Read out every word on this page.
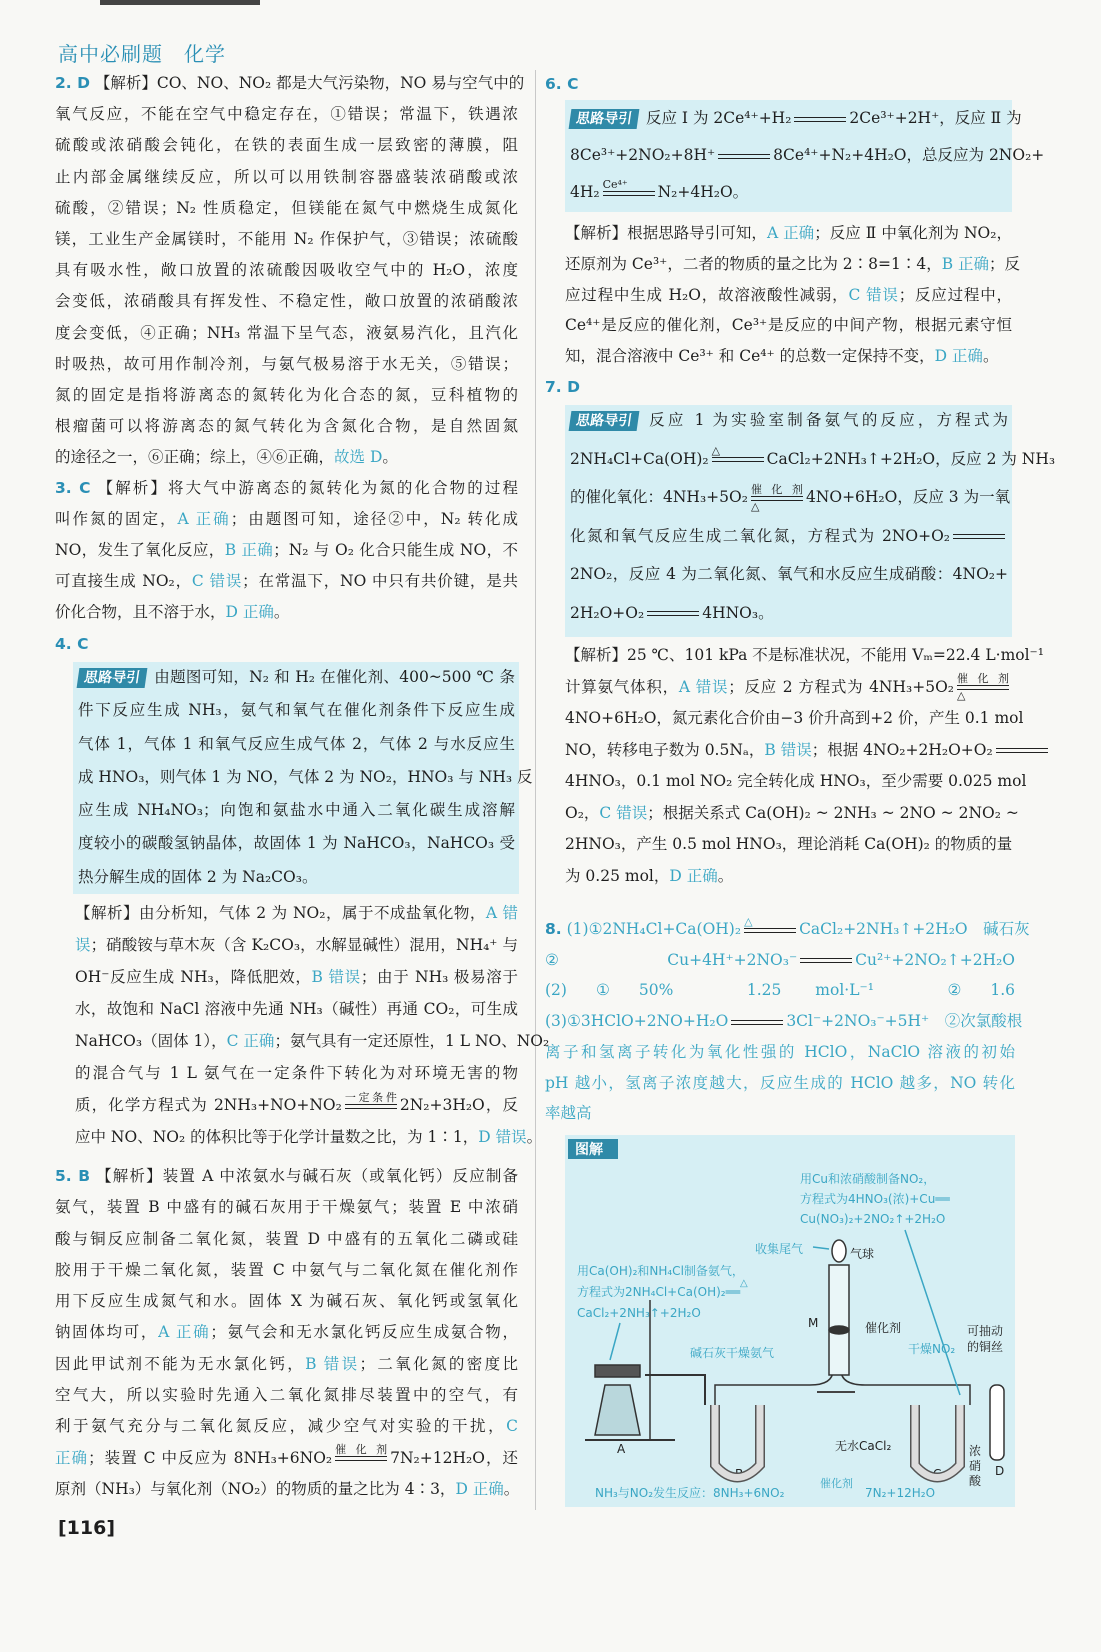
高中必刷题　化学
2. D 【解析】CO、NO、NO₂ 都是大气污染物，NO 易与空气中的
氧气反应，不能在空气中稳定存在，①错误；常温下，铁遇浓
硫酸或浓硝酸会钝化，在铁的表面生成一层致密的薄膜，阻
止内部金属继续反应，所以可以用铁制容器盛装浓硝酸或浓
硫酸，②错误；N₂ 性质稳定，但镁能在氮气中燃烧生成氮化
镁，工业生产金属镁时，不能用 N₂ 作保护气，③错误；浓硫酸
具有吸水性，敞口放置的浓硫酸因吸收空气中的 H₂O，浓度
会变低，浓硝酸具有挥发性、不稳定性，敞口放置的浓硝酸浓
度会变低，④正确；NH₃ 常温下呈气态，液氨易汽化，且汽化
时吸热，故可用作制冷剂，与氨气极易溶于水无关，⑤错误；
氮的固定是指将游离态的氮转化为化合态的氮，豆科植物的
根瘤菌可以将游离态的氮气转化为含氮化合物，是自然固氮
的途径之一，⑥正确；综上，④⑥正确，故选 D。
3. C 【解析】将大气中游离态的氮转化为氮的化合物的过程
叫作氮的固定，A 正确；由题图可知，途径②中，N₂ 转化成
NO，发生了氧化反应，B 正确；N₂ 与 O₂ 化合只能生成 NO，不
可直接生成 NO₂，C 错误；在常温下，NO 中只有共价键，是共
价化合物，且不溶于水，D 正确。
4. C
思路导引 由题图可知，N₂ 和 H₂ 在催化剂、400~500 ℃ 条
件下反应生成 NH₃，氨气和氧气在催化剂条件下反应生成
气体 1，气体 1 和氧气反应生成气体 2，气体 2 与水反应生
成 HNO₃，则气体 1 为 NO，气体 2 为 NO₂，HNO₃ 与 NH₃ 反
应生成 NH₄NO₃；向饱和氨盐水中通入二氧化碳生成溶解
度较小的碳酸氢钠晶体，故固体 1 为 NaHCO₃，NaHCO₃ 受
热分解生成的固体 2 为 Na₂CO₃。
【解析】由分析知，气体 2 为 NO₂，属于不成盐氧化物，A 错
误；硝酸铵与草木灰（含 K₂CO₃，水解显碱性）混用，NH₄⁺ 与
OH⁻反应生成 NH₃，降低肥效，B 错误；由于 NH₃ 极易溶于
水，故饱和 NaCl 溶液中先通 NH₃（碱性）再通 CO₂，可生成
NaHCO₃（固体 1），C 正确；氨气具有一定还原性，1 L NO、NO₂
的混合气与 1 L 氨气在一定条件下转化为对环境无害的物
质，化学方程式为 2NH₃+NO+NO₂ 一定条件 2N₂+3H₂O，反
应中 NO、NO₂ 的体积比等于化学计量数之比，为 1∶1，D 错误。
5. B 【解析】装置 A 中浓氨水与碱石灰（或氧化钙）反应制备
氨气，装置 B 中盛有的碱石灰用于干燥氨气；装置 E 中浓硝
酸与铜反应制备二氧化氮，装置 D 中盛有的五氧化二磷或硅
胶用于干燥二氧化氮，装置 C 中氨气与二氧化氮在催化剂作
用下反应生成氮气和水。固体 X 为碱石灰、氧化钙或氢氧化
钠固体均可，A 正确；氨气会和无水氯化钙反应生成氨合物，
因此甲试剂不能为无水氯化钙，B 错误；二氧化氮的密度比
空气大，所以实验时先通入二氧化氮排尽装置中的空气，有
利于氨气充分与二氧化氮反应，减少空气对实验的干扰，C
正确；装置 C 中反应为 8NH₃+6NO₂ 催化剂 7N₂+12H₂O，还
原剂（NH₃）与氧化剂（NO₂）的物质的量之比为 4∶3，D 正确。
[116]
6. C
思路导引 反应 Ⅰ 为 2Ce⁴⁺+H₂	2Ce³⁺+2H⁺，反应 Ⅱ 为
8Ce³⁺+2NO₂+8H⁺	8Ce⁴⁺+N₂+4H₂O，总反应为 2NO₂+
4H₂ Ce⁴⁺	N₂+4H₂O。
【解析】根据思路导引可知，A 正确；反应 Ⅱ 中氧化剂为 NO₂，
还原剂为 Ce³⁺，二者的物质的量之比为 2∶8=1∶4，B 正确；反
应过程中生成 H₂O，故溶液酸性减弱，C 错误；反应过程中，
Ce⁴⁺是反应的催化剂，Ce³⁺是反应的中间产物，根据元素守恒
知，混合溶液中 Ce³⁺ 和 Ce⁴⁺ 的总数一定保持不变，D 正确。
7. D
思路导引 反应 1 为实验室制备氨气的反应，方程式为
2NH₄Cl+Ca(OH)₂ △	CaCl₂+2NH₃↑+2H₂O，反应 2 为 NH₃
的催化氧化：4NH₃+5O₂ 催化剂
△	4NO+6H₂O，反应 3 为一氧
化氮和氧气反应生成二氧化氮，方程式为 2NO+O₂
2NO₂，反应 4 为二氧化氮、氧气和水反应生成硝酸：4NO₂+
2H₂O+O₂	4HNO₃。
【解析】25 ℃、101 kPa 不是标准状况，不能用 Vₘ=22.4 L·mol⁻¹
计算氨气体积，A 错误；反应 2 方程式为 4NH₃+5O₂ 催化剂
△
4NO+6H₂O，氮元素化合价由−3 价升高到+2 价，产生 0.1 mol
NO，转移电子数为 0.5Nₐ，B 错误；根据 4NO₂+2H₂O+O₂
4HNO₃，0.1 mol NO₂ 完全转化成 HNO₃，至少需要 0.025 mol
O₂，C 错误；根据关系式 Ca(OH)₂ ~ 2NH₃ ~ 2NO ~ 2NO₂ ~
2HNO₃，产生 0.5 mol HNO₃，理论消耗 Ca(OH)₂ 的物质的量
为 0.25 mol，D 正确。
8. (1)①2NH₄Cl+Ca(OH)₂ △	CaCl₂+2NH₃↑+2H₂O　碱石灰
②Cu+4H⁺+2NO₃⁻	Cu²⁺+2NO₂↑+2H₂O
(2)①50%　1.25 mol·L⁻¹　②1.6
(3)①3HClO+2NO+H₂O	3Cl⁻+2NO₃⁻+5H⁺　②次氯酸根
离子和氢离子转化为氧化性强的 HClO，NaClO 溶液的初始
pH 越小，氢离子浓度越大，反应生成的 HClO 越多，NO 转化
率越高
图解
用Cu和浓硝酸制备NO₂，
方程式为4HNO₃(浓)+Cu══
Cu(NO₃)₂+2NO₂↑+2H₂O
收集尾气
用Ca(OH)₂和NH₄Cl制备氨气，
方程式为2NH₄Cl+Ca(OH)₂══
△
CaCl₂+2NH₃↑+2H₂O
碱石灰干燥氨气	干燥NO₂
NH₃与NO₂发生反应：8NH₃+6NO₂
催化剂
7N₂+12H₂O
气球
M	催化剂	可抽动
的铜丝
无水CaCl₂	浓
硝
酸
A
B	C	D
